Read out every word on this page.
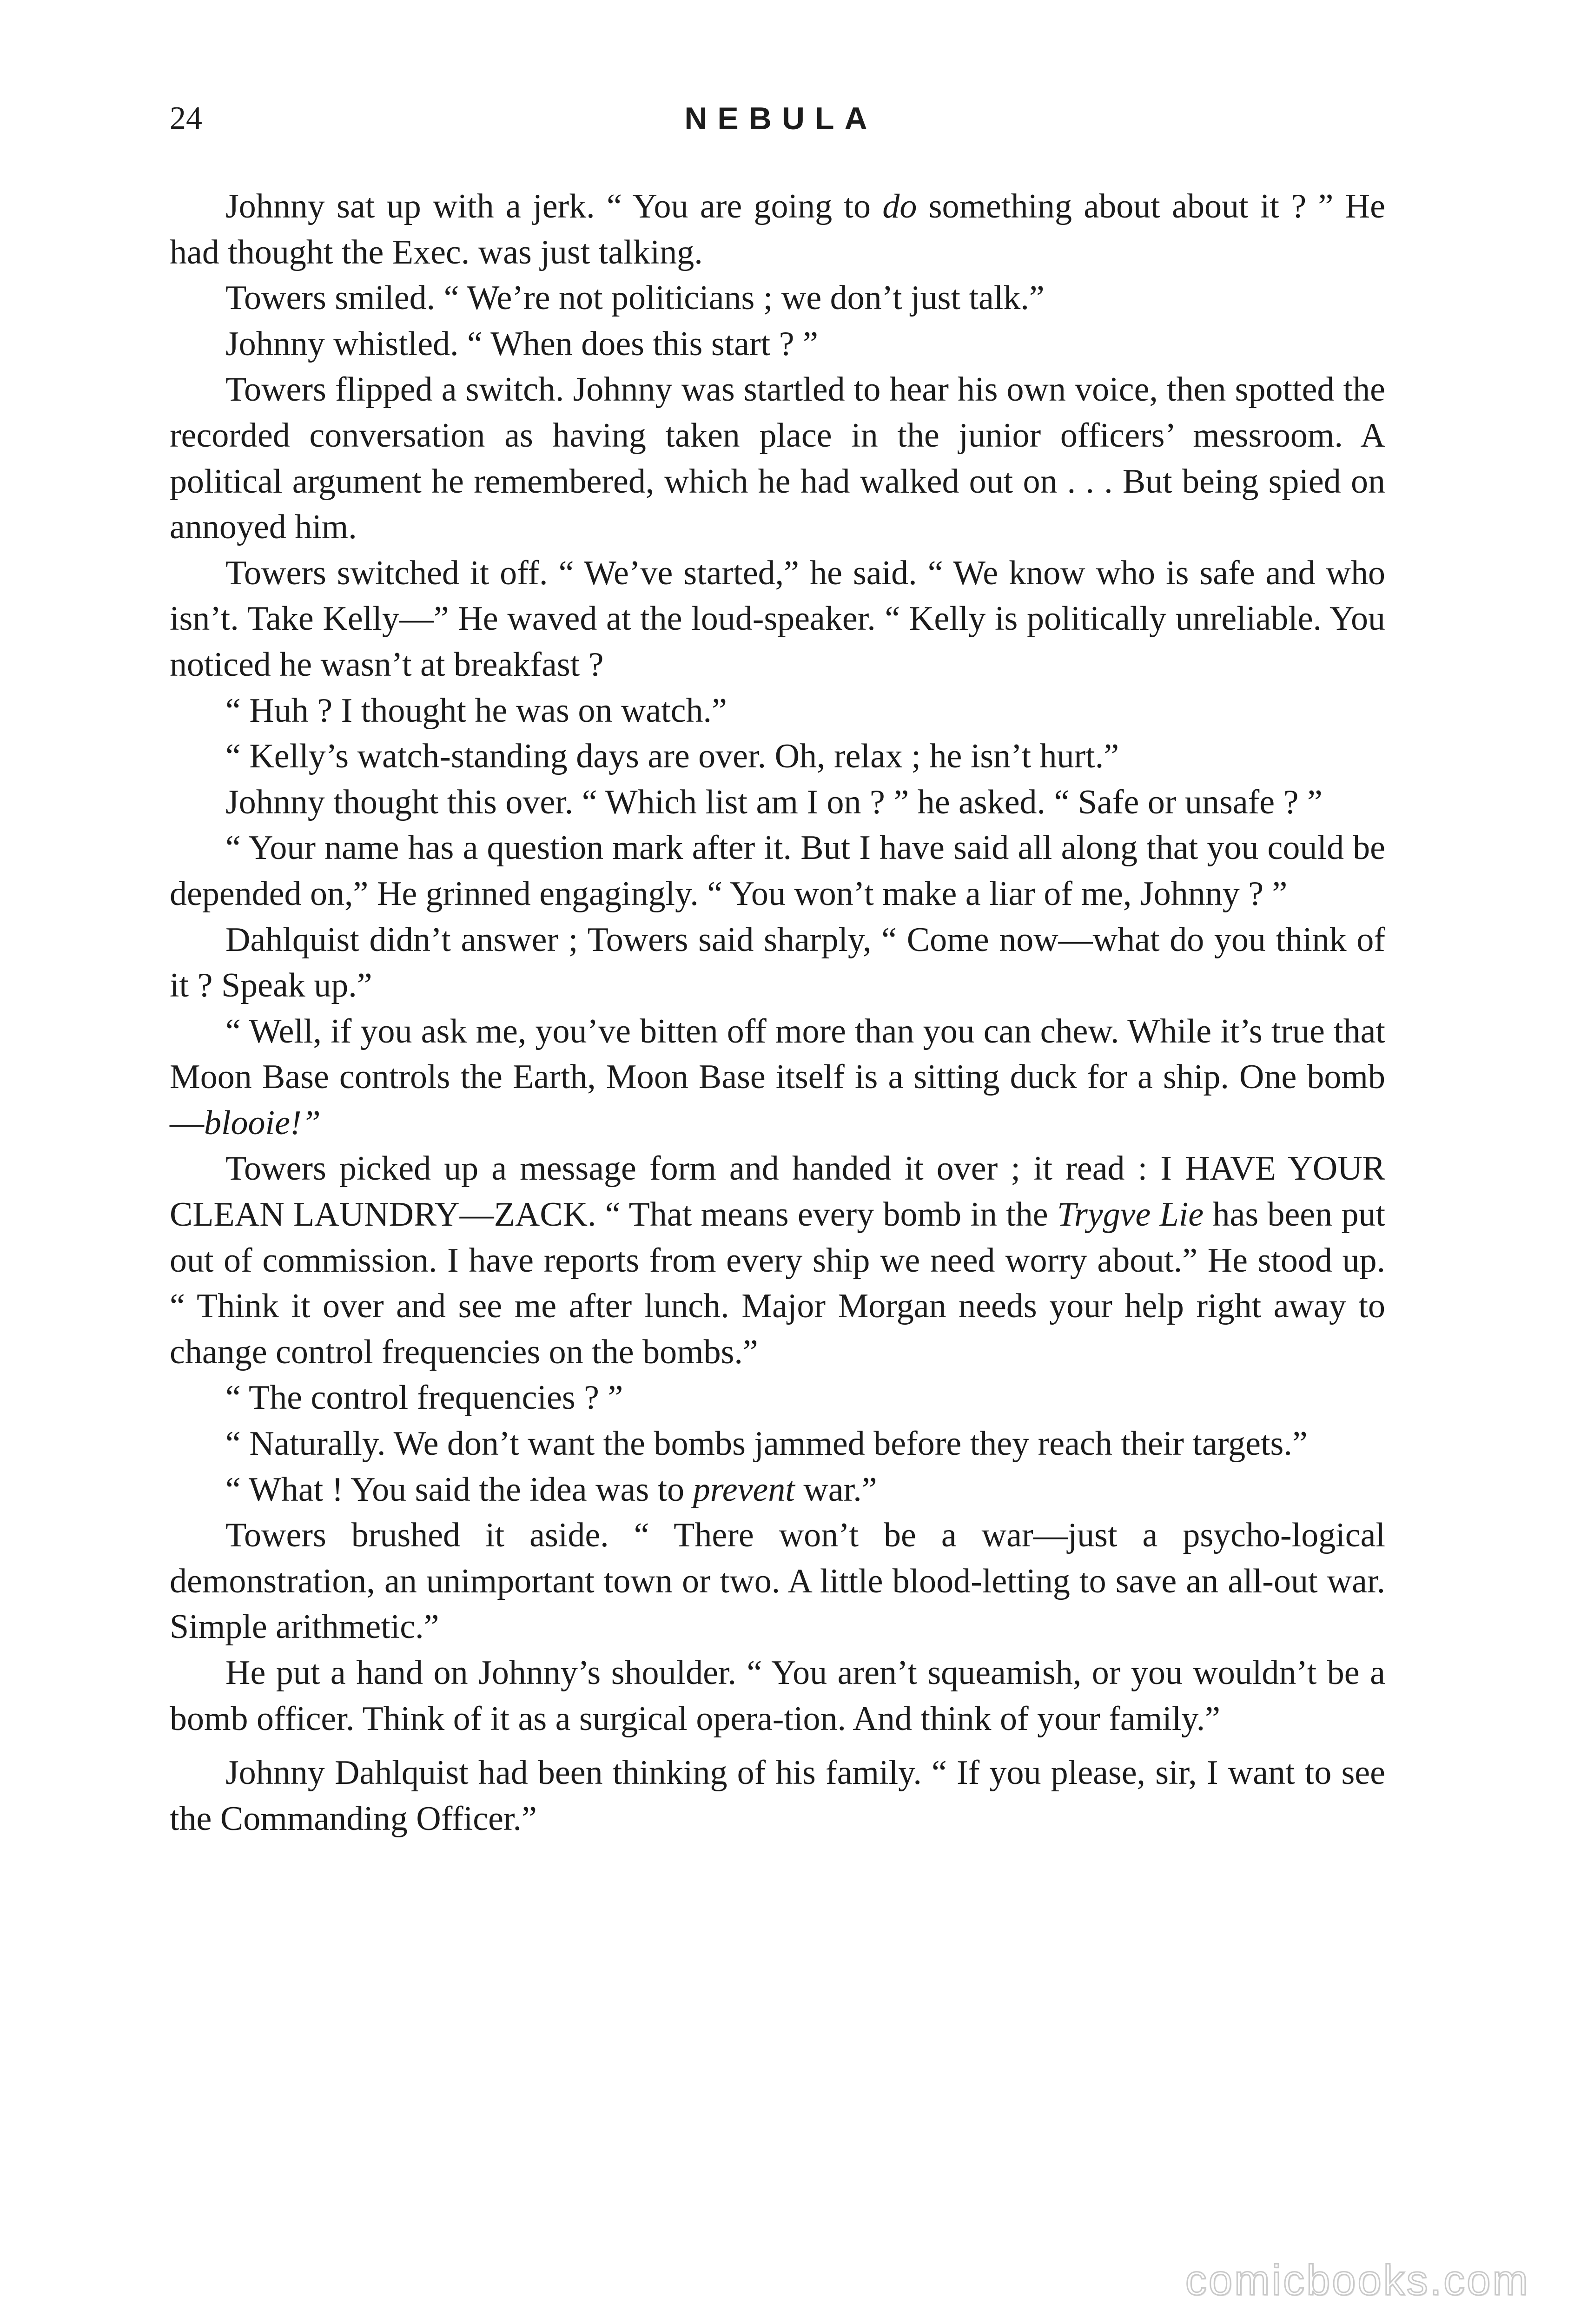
24	NEBULA

Johnny sat up with a jerk. “ You are going to do something about about it ? ” He had thought the Exec. was just talking.

Towers smiled. “ We’re not politicians ; we don’t just talk.”

Johnny whistled. “ When does this start ? ”

Towers flipped a switch. Johnny was startled to hear his own voice, then spotted the recorded conversation as having taken place in the junior officers’ messroom. A political argument he remembered, which he had walked out on . . . But being spied on annoyed him.

Towers switched it off. “ We’ve started,” he said. “ We know who is safe and who isn’t. Take Kelly—” He waved at the loud-speaker. “ Kelly is politically unreliable. You noticed he wasn’t at breakfast ?

“ Huh ? I thought he was on watch.”

“ Kelly’s watch-standing days are over. Oh, relax ; he isn’t hurt.”

Johnny thought this over. “ Which list am I on ? ” he asked. “ Safe or unsafe ? ”

“ Your name has a question mark after it. But I have said all along that you could be depended on,” He grinned engagingly. “ You won’t make a liar of me, Johnny ? ”

Dahlquist didn’t answer ; Towers said sharply, “ Come now—what do you think of it ? Speak up.”

“ Well, if you ask me, you’ve bitten off more than you can chew. While it’s true that Moon Base controls the Earth, Moon Base itself is a sitting duck for a ship. One bomb—blooie!”

Towers picked up a message form and handed it over ; it read : I HAVE YOUR CLEAN LAUNDRY—ZACK. “ That means every bomb in the Trygve Lie has been put out of commission. I have reports from every ship we need worry about.” He stood up. “ Think it over and see me after lunch. Major Morgan needs your help right away to change control frequencies on the bombs.”

“ The control frequencies ? ”

“ Naturally. We don’t want the bombs jammed before they reach their targets.”

“ What ! You said the idea was to prevent war.”

Towers brushed it aside. “ There won’t be a war—just a psycho-logical demonstration, an unimportant town or two. A little blood-letting to save an all-out war. Simple arithmetic.”

He put a hand on Johnny’s shoulder. “ You aren’t squeamish, or you wouldn’t be a bomb officer. Think of it as a surgical opera-tion. And think of your family.”

Johnny Dahlquist had been thinking of his family. “ If you please, sir, I want to see the Commanding Officer.”

comicbooks.com
